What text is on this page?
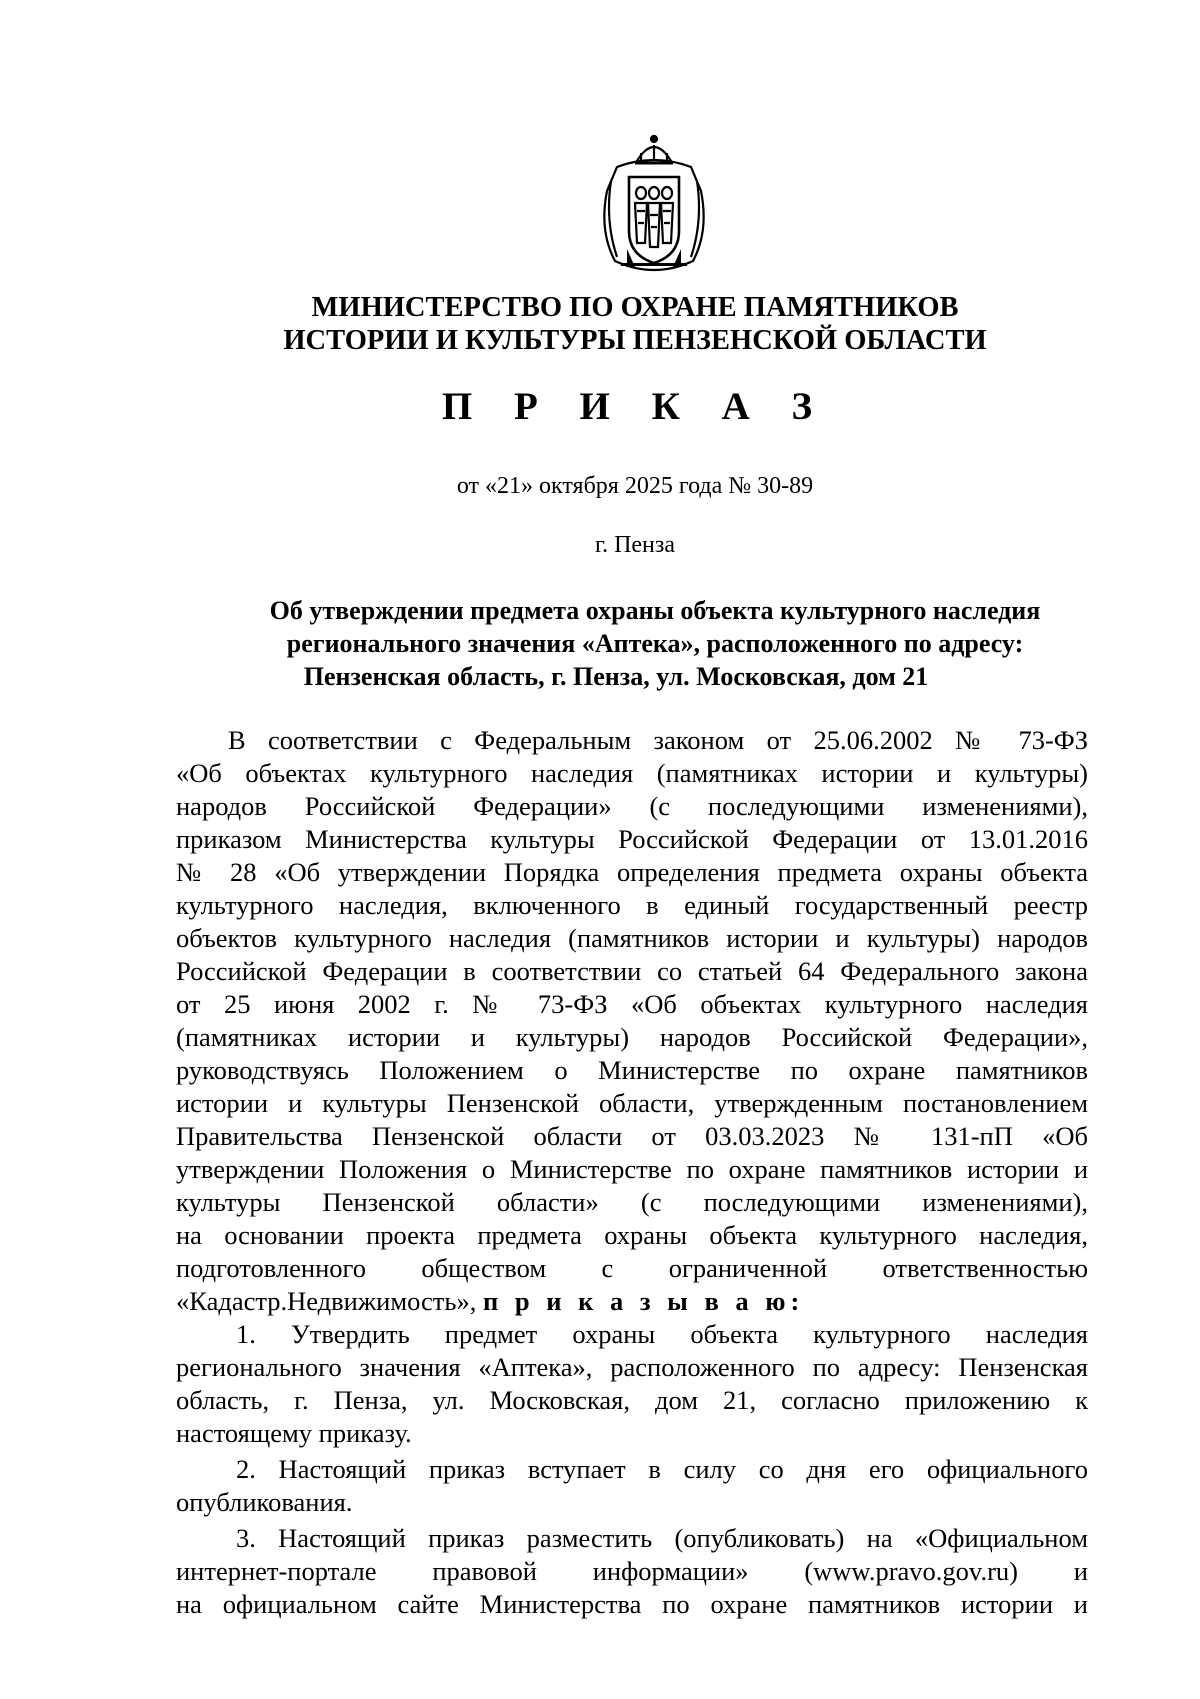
МИНИСТЕРСТВО ПО ОХРАНЕ ПАМЯТНИКОВ
ИСТОРИИ И КУЛЬТУРЫ ПЕНЗЕНСКОЙ ОБЛАСТИ
П Р И К А З
от «21» октября 2025 года № 30-89
г. Пенза
Об утверждении предмета охраны объекта культурного наследия
регионального значения «Аптека», расположенного по адресу:
Пензенская область, г. Пенза, ул. Московская, дом 21
В соответствии с Федеральным законом от 25.06.2002 № 73-ФЗ
«Об объектах культурного наследия (памятниках истории и культуры)
народов Российской Федерации» (с последующими изменениями),
приказом Министерства культуры Российской Федерации от 13.01.2016
№ 28 «Об утверждении Порядка определения предмета охраны объекта
культурного наследия, включенного в единый государственный реестр
объектов культурного наследия (памятников истории и культуры) народов
Российской Федерации в соответствии со статьей 64 Федерального закона
от 25 июня 2002 г. № 73-ФЗ «Об объектах культурного наследия
(памятниках истории и культуры) народов Российской Федерации»,
руководствуясь Положением о Министерстве по охране памятников
истории и культуры Пензенской области, утвержденным постановлением
Правительства Пензенской области от 03.03.2023 № 131-пП «Об
утверждении Положения о Министерстве по охране памятников истории и
культуры Пензенской области» (с последующими изменениями),
на основании проекта предмета охраны объекта культурного наследия,
подготовленного обществом с ограниченной ответственностью
«Кадастр.Недвижимость», п р и к а з ы в а ю:
1. Утвердить предмет охраны объекта культурного наследия
регионального значения «Аптека», расположенного по адресу: Пензенская
область, г. Пенза, ул. Московская, дом 21, согласно приложению к
настоящему приказу.
2. Настоящий приказ вступает в силу со дня его официального
опубликования.
3. Настоящий приказ разместить (опубликовать) на «Официальном
интернет-портале правовой информации» (www.pravo.gov.ru) и
на официальном сайте Министерства по охране памятников истории и
